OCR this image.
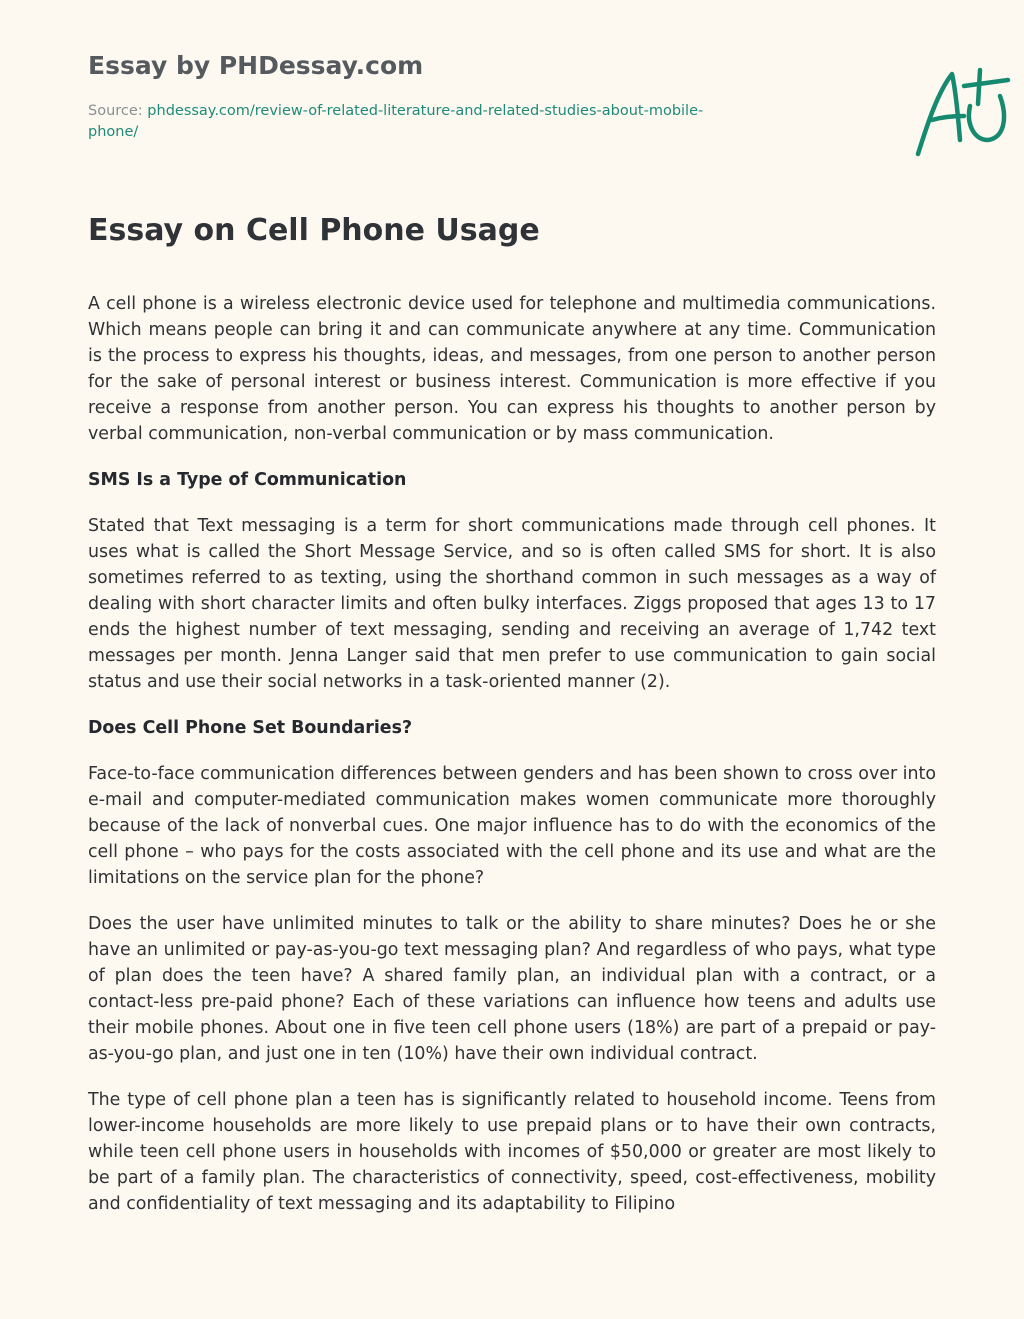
Essay by PHDessay.com
Source: phdessay.com/review-of-related-literature-and-related-studies-about-mobile-phone/
Essay on Cell Phone Usage

A cell phone is a wireless electronic device used for telephone and multimedia communications. Which means people can bring it and can communicate anywhere at any time. Communication is the process to express his thoughts, ideas, and messages, from one person to another person for the sake of personal interest or business interest. Communication is more effective if you receive a response from another person. You can express his thoughts to another person by verbal communication, non-verbal communication or by mass communication.

SMS Is a Type of Communication

Stated that Text messaging is a term for short communications made through cell phones. It uses what is called the Short Message Service, and so is often called SMS for short. It is also sometimes referred to as texting, using the shorthand common in such messages as a way of dealing with short character limits and often bulky interfaces. Ziggs proposed that ages 13 to 17 ends the highest number of text messaging, sending and receiving an average of 1,742 text messages per month. Jenna Langer said that men prefer to use communication to gain social status and use their social networks in a task-oriented manner (2).

Does Cell Phone Set Boundaries?

Face-to-face communication differences between genders and has been shown to cross over into e-mail and computer-mediated communication makes women communicate more thoroughly because of the lack of nonverbal cues. One major influence has to do with the economics of the cell phone – who pays for the costs associated with the cell phone and its use and what are the limitations on the service plan for the phone?

Does the user have unlimited minutes to talk or the ability to share minutes? Does he or she have an unlimited or pay-as-you-go text messaging plan? And regardless of who pays, what type of plan does the teen have? A shared family plan, an individual plan with a contract, or a contact-less pre-paid phone? Each of these variations can influence how teens and adults use their mobile phones. About one in five teen cell phone users (18%) are part of a prepaid or pay-as-you-go plan, and just one in ten (10%) have their own individual contract.

The type of cell phone plan a teen has is significantly related to household income. Teens from lower-income households are more likely to use prepaid plans or to have their own contracts, while teen cell phone users in households with incomes of $50,000 or greater are most likely to be part of a family plan. The characteristics of connectivity, speed, cost-effectiveness, mobility and confidentiality of text messaging and its adaptability to Filipino
